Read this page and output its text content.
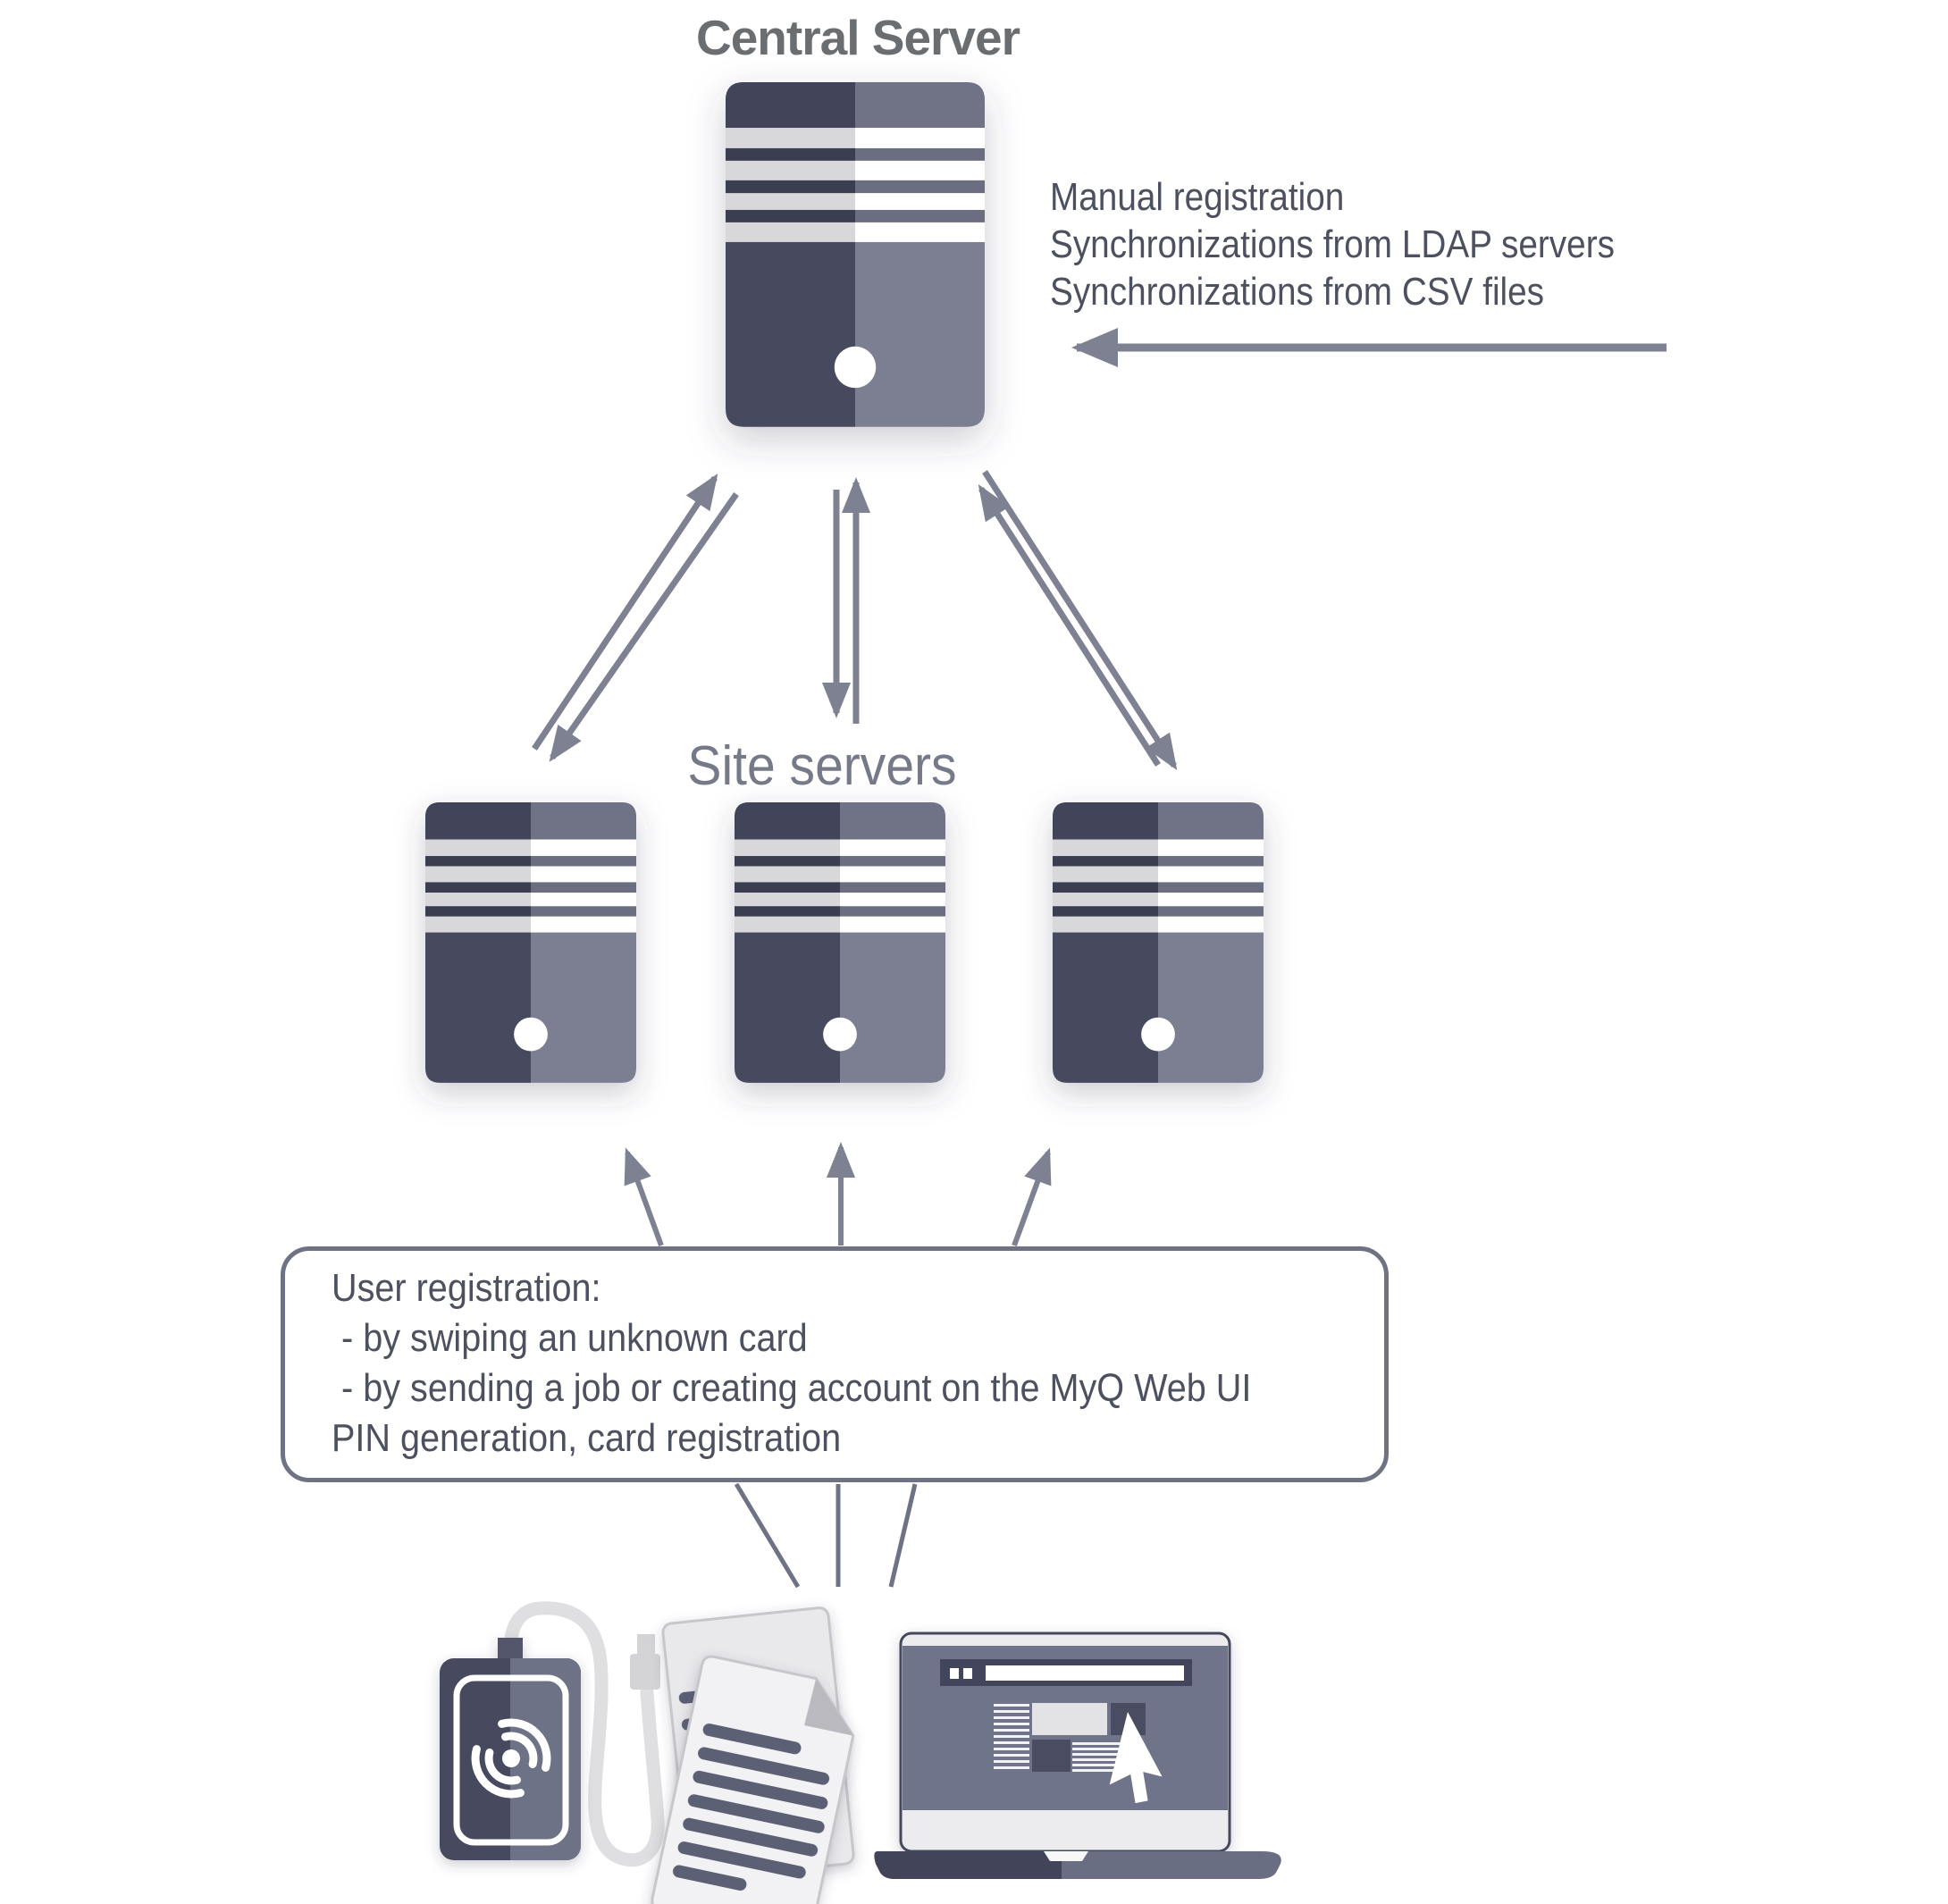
Central Server
Manual registration
Synchronizations from LDAP servers
Synchronizations from CSV files
Site servers
User registration:
- by swiping an unknown card
- by sending a job or creating account on the MyQ Web UI
PIN generation, card registration
